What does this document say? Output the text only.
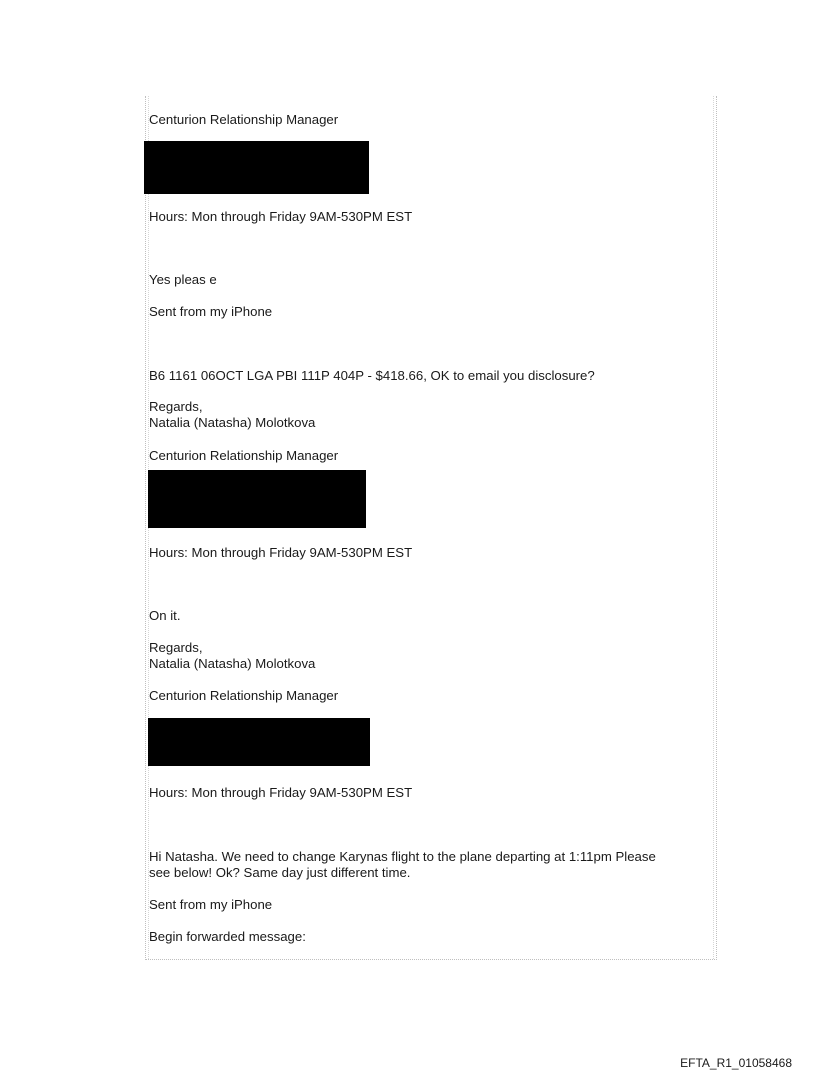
Centurion Relationship Manager

Hours: Mon through Friday 9AM-530PM EST

Yes pleas e

Sent from my iPhone

B6 1161 06OCT LGA PBI 111P 404P - $418.66, OK to email you disclosure?

Regards,

Natalia (Natasha) Molotkova

Centurion Relationship Manager

Hours: Mon through Friday 9AM-530PM EST

On it.

Regards,

Natalia (Natasha) Molotkova

Centurion Relationship Manager

Hours: Mon through Friday 9AM-530PM EST

Hi Natasha. We need to change Karynas flight to the plane departing at 1:11pm Please

see below! Ok? Same day just different time.

Sent from my iPhone

Begin forwarded message:

EFTA_R1_01058468
